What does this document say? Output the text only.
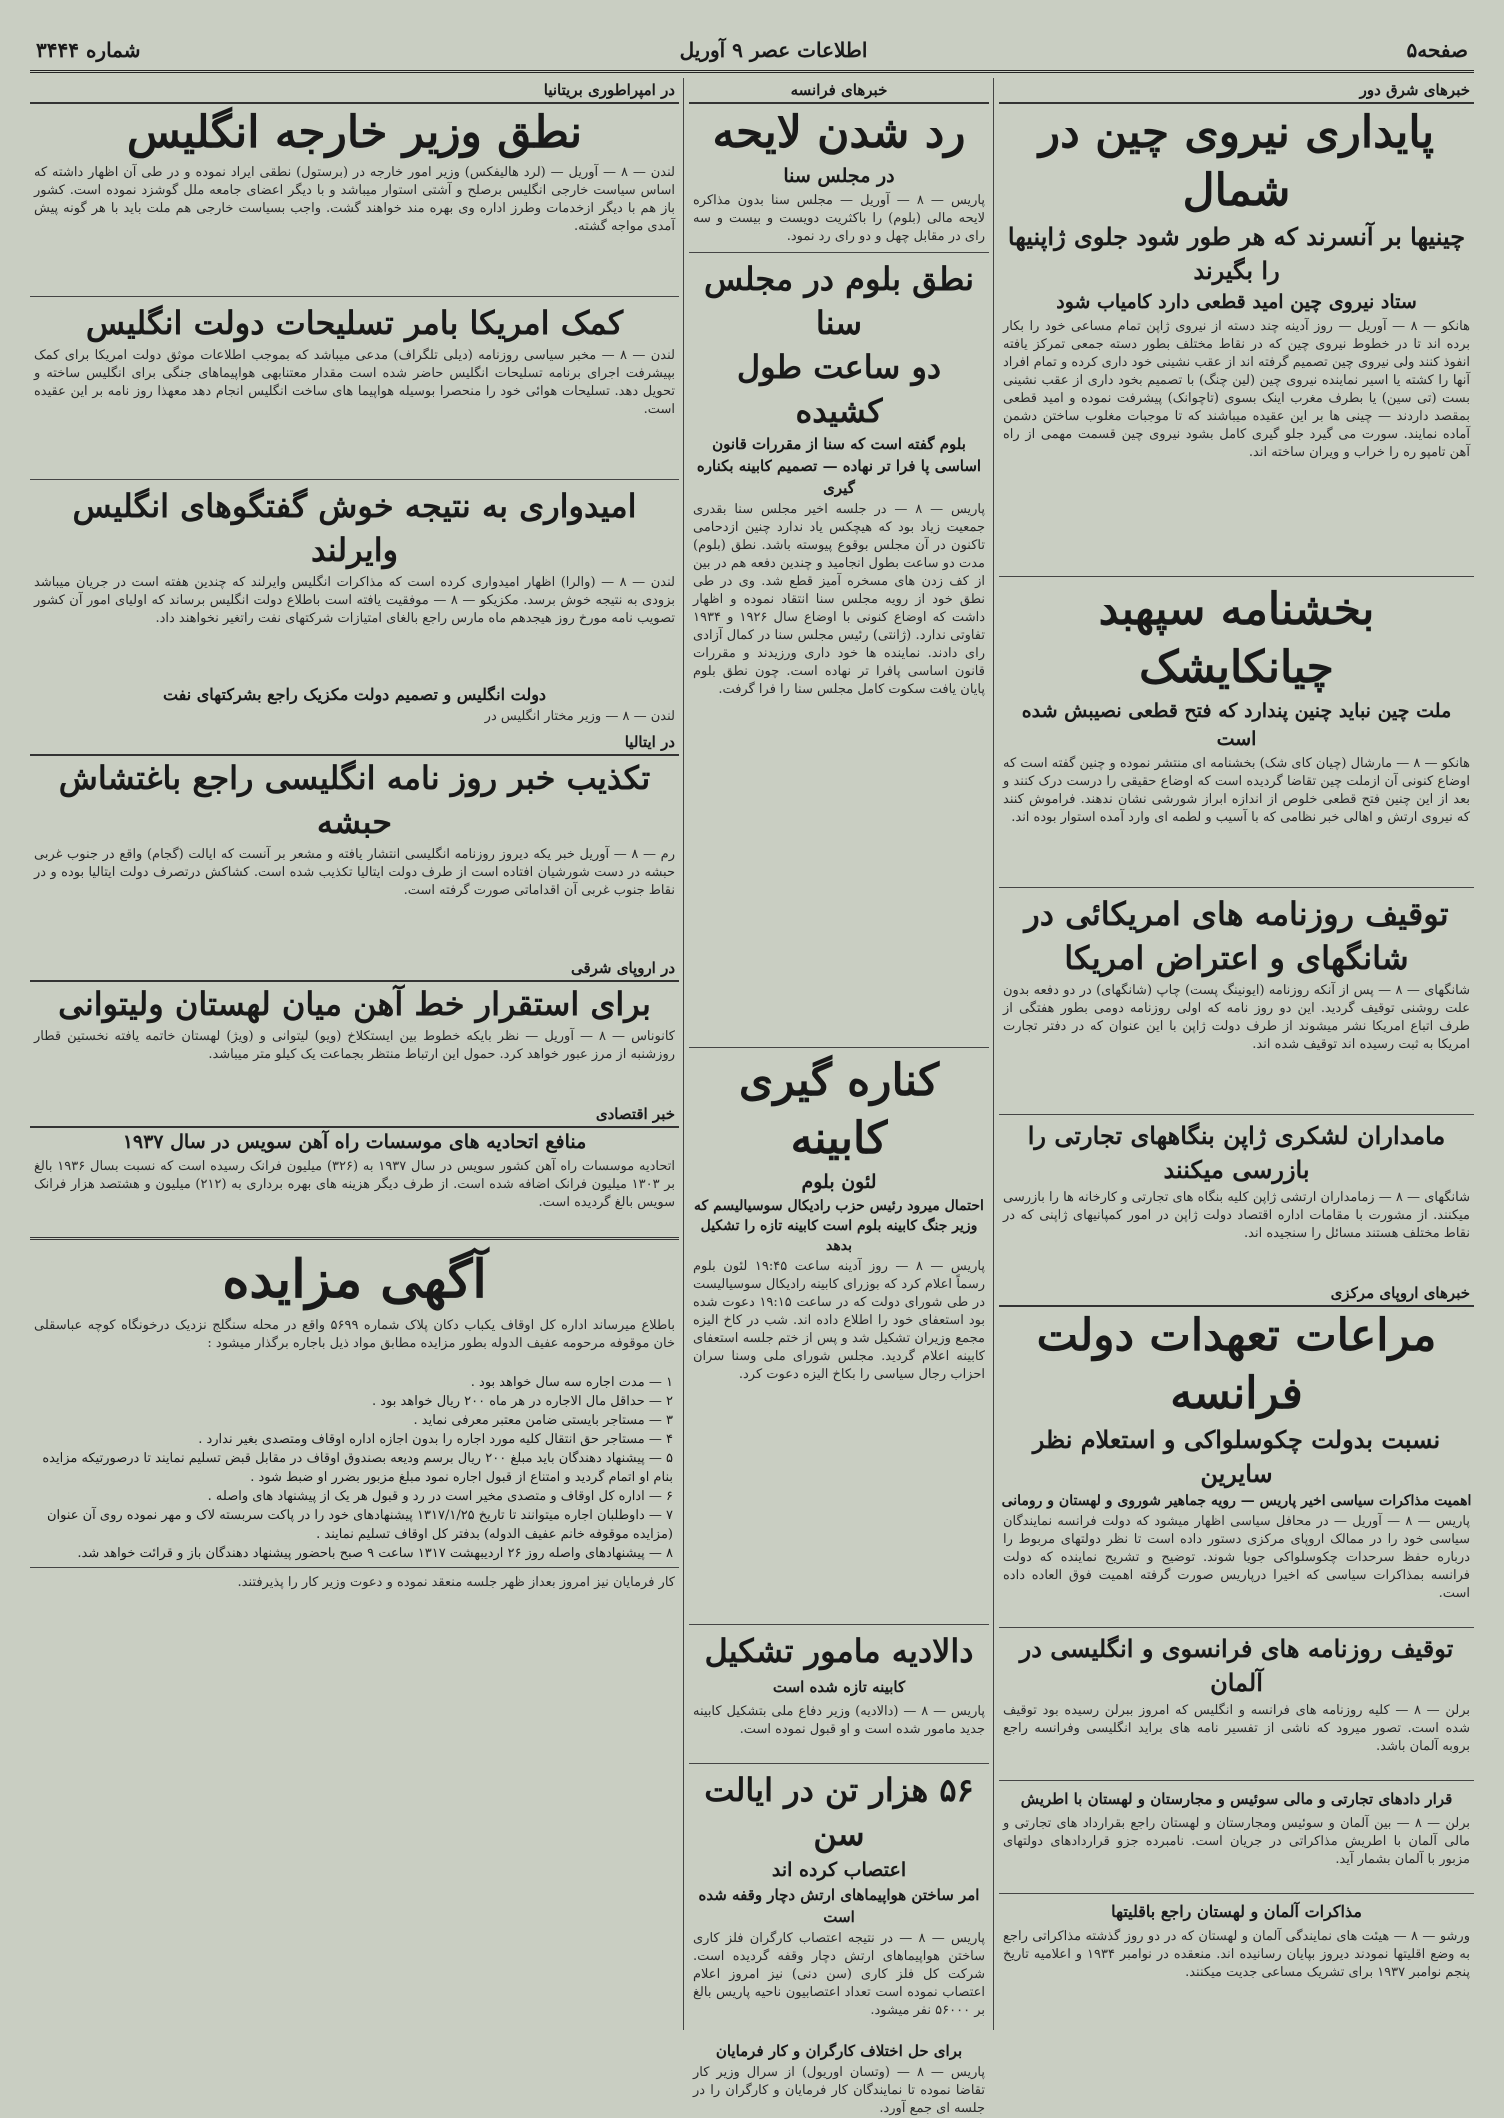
صفحه۵
اطلاعات عصر ۹ آوریل
شماره ۳۴۴۴
خبرهای شرق دور
پایداری نیروی چین در شمال
چینیها بر آنسرند که هر طور شود جلوی ژاپنیها را بگیرند
ستاد نیروی چین امید قطعی دارد کامیاب شود
هانکو — ۸ — آوریل — روز آدینه چند دسته از نیروی ژاپن تمام مساعی خود را بکار برده اند تا در خطوط نیروی چین که در نقاط مختلف بطور دسته جمعی تمرکز یافته انفوذ کنند ولی نیروی چین تصمیم گرفته اند از عقب نشینی خود داری کرده و تمام افراد آنها را کشته یا اسیر نماینده نیروی چین (لین چنگ) با تصمیم بخود داری از عقب نشینی بست (تی سین) یا بطرف مغرب اینک بسوی (تاچوانک) پیشرفت نموده و امید قطعی بمقصد داردند — چینی ها بر این عقیده میباشند که تا موجبات مغلوب ساختن دشمن آماده نمایند. سورت می گیرد جلو گیری کامل بشود نیروی چین قسمت مهمی از راه آهن تامپو ره را خراب و ویران ساخته اند.
بخشنامه سپهبد چیانکایشک
ملت چین نباید چنین پندارد که فتح قطعی نصیبش شده است
هانکو — ۸ — مارشال (چیان کای شک) بخشنامه ای منتشر نموده و چنین گفته است که اوضاع کنونی آن ازملت چین تقاضا گردیده است که اوضاع حقیقی را درست درک کنند و بعد از این چنین فتح قطعی خلوص از اندازه ابراز شورشی نشان ندهند. فراموش کنند که نیروی ارتش و اهالی خبر نظامی که با آسیب و لطمه ای وارد آمده استوار بوده اند.
توقیف روزنامه های امریکائی در شانگهای و اعتراض امریکا
شانگهای — ۸ — پس از آنکه روزنامه (ایونینگ پست) چاپ (شانگهای) در دو دفعه بدون علت روشنی توقیف گردید. این دو روز نامه که اولی روزنامه دومی بطور هفتگی از طرف اتباع امریکا نشر میشوند از طرف دولت ژاپن با این عنوان که در دفتر تجارت امریکا به ثبت رسیده اند توقیف شده اند.
مامداران لشکری ژاپن بنگاههای تجارتی را بازرسی میکنند
شانگهای — ۸ — زمامداران ارتشی ژاپن کلیه بنگاه های تجارتی و کارخانه ها را بازرسی میکنند. از مشورت با مقامات اداره اقتصاد دولت ژاپن در امور کمپانیهای ژاپنی که در نقاط مختلف هستند مسائل را سنجیده اند.
خبرهای اروپای مرکزی
مراعات تعهدات دولت فرانسه
نسبت بدولت چکوسلواکی و استعلام نظر سایرین
اهمیت مذاکرات سیاسی اخیر پاریس — رویه جماهیر شوروی و لهستان و رومانی
پاریس — ۸ — آوریل — در محافل سیاسی اظهار میشود که دولت فرانسه نمایندگان سیاسی خود را در ممالک اروپای مرکزی دستور داده است تا نظر دولتهای مربوط را درباره حفظ سرحدات چکوسلواکی جویا شوند. توضیح و تشریح نماینده که دولت فرانسه بمذاکرات سیاسی که اخیرا درپاریس صورت گرفته اهمیت فوق العاده داده است.
توقیف روزنامه های فرانسوی و انگلیسی در آلمان
برلن — ۸ — کلیه روزنامه های فرانسه و انگلیس که امروز ببرلن رسیده بود توقیف شده است. تصور میرود که ناشی از تفسیر نامه های براید انگلیسی وفرانسه راجع بروبه آلمان باشد.
قرار دادهای تجارتی و مالی سوئیس و مجارستان و لهستان با اطریش
برلن — ۸ — بین آلمان و سوئیس ومجارستان و لهستان راجع بقرارداد های تجارتی و مالی آلمان با اطریش مذاکراتی در جریان است. نامبرده جزو قراردادهای دولتهای مزبور با آلمان بشمار آید.
مذاکرات آلمان و لهستان راجع باقلیتها
ورشو — ۸ — هیئت های نمایندگی آلمان و لهستان که در دو روز گذشته مذاکراتی راجع به وضع اقلیتها نمودند دیروز بپایان رسانیده اند. منعقده در نوامبر ۱۹۳۴ و اعلامیه تاریخ پنجم نوامبر ۱۹۳۷ برای تشریک مساعی جدیت میکنند.
خبرهای فرانسه
رد شدن لایحه
در مجلس سنا
پاریس — ۸ — آوریل — مجلس سنا بدون مذاکره لایحه مالی (بلوم) را باکثریت دویست و بیست و سه رای در مقابل چهل و دو رای رد نمود.
نطق بلوم در مجلس سنا
دو ساعت طول کشیده
بلوم گفته است که سنا از مقررات قانون اساسی پا فرا تر نهاده — تصمیم کابینه بکناره گیری
پاریس — ۸ — در جلسه اخیر مجلس سنا بقدری جمعیت زیاد بود که هیچکس یاد ندارد چنین ازدحامی تاکنون در آن مجلس بوقوع پیوسته باشد. نطق (بلوم) مدت دو ساعت بطول انجامید و چندین دفعه هم در بین از کف زدن های مسخره آمیز قطع شد. وی در طی نطق خود از رویه مجلس سنا انتقاد نموده و اظهار داشت که اوضاع کنونی با اوضاع سال ۱۹۲۶ و ۱۹۳۴ تفاوتی ندارد. (ژانتی) رئیس مجلس سنا در کمال آزادی رای دادند. نماینده ها خود داری ورزیدند و مقررات قانون اساسی پافرا تر نهاده است. چون نطق بلوم پایان یافت سکوت کامل مجلس سنا را فرا گرفت.
کناره گیری کابینه
لئون بلوم
احتمال میرود رئیس حزب رادیکال سوسیالیسم که وزیر جنگ کابینه بلوم است کابینه تازه را تشکیل بدهد
پاریس — ۸ — روز آدینه ساعت ۱۹:۴۵ لئون بلوم رسماً اعلام کرد که بوزرای کابینه رادیکال سوسیالیست در طی شورای دولت که در ساعت ۱۹:۱۵ دعوت شده بود استعفای خود را اطلاع داده اند. شب در کاخ الیزه مجمع وزیران تشکیل شد و پس از ختم جلسه استعفای کابینه اعلام گردید. مجلس شورای ملی وسنا سران احزاب رجال سیاسی را بکاخ الیزه دعوت کرد.
دالادیه مامور تشکیل
کابینه تازه شده است
پاریس — ۸ — (دالادیه) وزیر دفاع ملی بتشکیل کابینه جدید مامور شده است و او قبول نموده است.
۵۶ هزار تن در ایالت سن
اعتصاب کرده اند
امر ساختن هواپیماهای ارتش دچار وقفه شده است
پاریس — ۸ — در نتیجه اعتصاب کارگران فلز کاری ساختن هواپیماهای ارتش دچار وقفه گردیده است. شرکت کل فلز کاری (سن دنی) نیز امروز اعلام اعتصاب نموده است تعداد اعتصابیون ناحیه پاریس بالغ بر ۵۶۰۰۰ نفر میشود.
برای حل اختلاف کارگران و کار فرمایان
پاریس — ۸ — (وتسان اوریول) از سرال وزیر کار تقاضا نموده تا نمایندگان کار فرمایان و کارگران را در جلسه ای جمع آورد.
در امپراطوری بریتانیا
نطق وزیر خارجه انگلیس
لندن — ۸ — آوریل — (لرد هالیفکس) وزیر امور خارجه در (برستول) نطقی ایراد نموده و در طی آن اظهار داشته که اساس سیاست خارجی انگلیس برصلح و آشتی استوار میباشد و با دیگر اعضای جامعه ملل گوشزد نموده است. کشور باز هم با دیگر ازخدمات وطرز اداره وی بهره مند خواهند گشت. واجب بسیاست خارجی هم ملت باید با هر گونه پیش آمدی مواجه گشته.
کمک امریکا بامر تسلیحات دولت انگلیس
لندن — ۸ — مخبر سیاسی روزنامه (دیلی تلگراف) مدعی میباشد که بموجب اطلاعات موثق دولت امریکا برای کمک بپیشرفت اجرای برنامه تسلیحات انگلیس حاضر شده است مقدار معتنابهی هواپیماهای جنگی برای انگلیس ساخته و تحویل دهد. تسلیحات هوائی خود را منحصرا بوسیله هواپیما های ساخت انگلیس انجام دهد معهذا روز نامه بر این عقیده است.
امیدواری به نتیجه خوش گفتگوهای انگلیس وایرلند
لندن — ۸ — (والرا) اظهار امیدواری کرده است که مذاکرات انگلیس وایرلند که چندین هفته است در جریان میباشد بزودی به نتیجه خوش برسد. مکزیکو — ۸ — موفقیت یافته است باطلاع دولت انگلیس برساند که اولیای امور آن کشور تصویب نامه مورخ روز هیجدهم ماه مارس راجع بالغای امتیازات شرکتهای نفت راتغیر نخواهند داد.
دولت انگلیس و تصمیم دولت مکزیک راجع بشرکتهای نفت
لندن — ۸ — وزیر مختار انگلیس در
در ایتالیا
تکذیب خبر روز نامه انگلیسی راجع باغتشاش حبشه
رم — ۸ — آوریل خبر یکه دیروز روزنامه انگلیسی انتشار یافته و مشعر بر آنست که ایالت (گجام) واقع در جنوب غربی حبشه در دست شورشیان افتاده است از طرف دولت ایتالیا تکذیب شده است. کشاکش درتصرف دولت ایتالیا بوده و در نقاط جنوب غربی آن اقداماتی صورت گرفته است.
در اروپای شرقی
برای استقرار خط آهن میان لهستان ولیتوانی
کانوناس — ۸ — آوریل — نظر بایکه خطوط بین ایستکلاخ (ویو) لیتوانی و (ویژ) لهستان خاتمه یافته نخستین قطار روزشنبه از مرز عبور خواهد کرد. حمول این ارتباط منتظر بجماعت یک کیلو متر میباشد.
خبر اقتصادی
منافع اتحادیه های موسسات راه آهن سویس در سال ۱۹۳۷
اتحادیه موسسات راه آهن کشور سویس در سال ۱۹۳۷ به (۳۲۶) میلیون فرانک رسیده است که نسبت بسال ۱۹۳۶ بالغ بر ۱۳۰۳ میلیون فرانک اضافه شده است. از طرف دیگر هزینه های بهره برداری به (۲۱۲) میلیون و هشتصد هزار فرانک سویس بالغ گردیده است.
آگهی مزایده
باطلاع میرساند اداره کل اوقاف یکباب دکان پلاک شماره ۵۶۹۹ واقع در محله سنگلج نزدیک درخونگاه کوچه عباسقلی خان موقوفه مرحومه عفیف الدوله بطور مزایده مطابق مواد ذیل باجاره برگذار میشود :
۱ — مدت اجاره سه سال خواهد بود .
۲ — حداقل مال الاجاره در هر ماه ۲۰۰ ریال خواهد بود .
۳ — مستاجر بایستی ضامن معتبر معرفی نماید .
۴ — مستاجر حق انتقال کلیه مورد اجاره را بدون اجازه اداره اوقاف ومتصدی بغیر ندارد .
۵ — پیشنهاد دهندگان باید مبلغ ۲۰۰ ریال برسم ودیعه بصندوق اوقاف در مقابل قبض تسلیم نمایند تا درصورتیکه مزایده بنام او اتمام گردید و امتناع از قبول اجاره نمود مبلغ مزبور بضرر او ضبط شود .
۶ — اداره کل اوقاف و متصدی مخیر است در رد و قبول هر یک از پیشنهاد های واصله .
۷ — داوطلبان اجاره میتوانند تا تاریخ ۱۳۱۷/۱/۲۵ پیشنهادهای خود را در پاکت سربسته لاک و مهر نموده روی آن عنوان (مزایده موقوفه خانم عفیف الدوله) بدفتر کل اوقاف تسلیم نمایند .
۸ — پیشنهادهای واصله روز ۲۶ اردیبهشت ۱۳۱۷ ساعت ۹ صبح باحضور پیشنهاد دهندگان باز و قرائت خواهد شد.
کار فرمایان نیز امروز بعداز ظهر جلسه منعقد نموده و دعوت وزیر کار را پذیرفتند.
